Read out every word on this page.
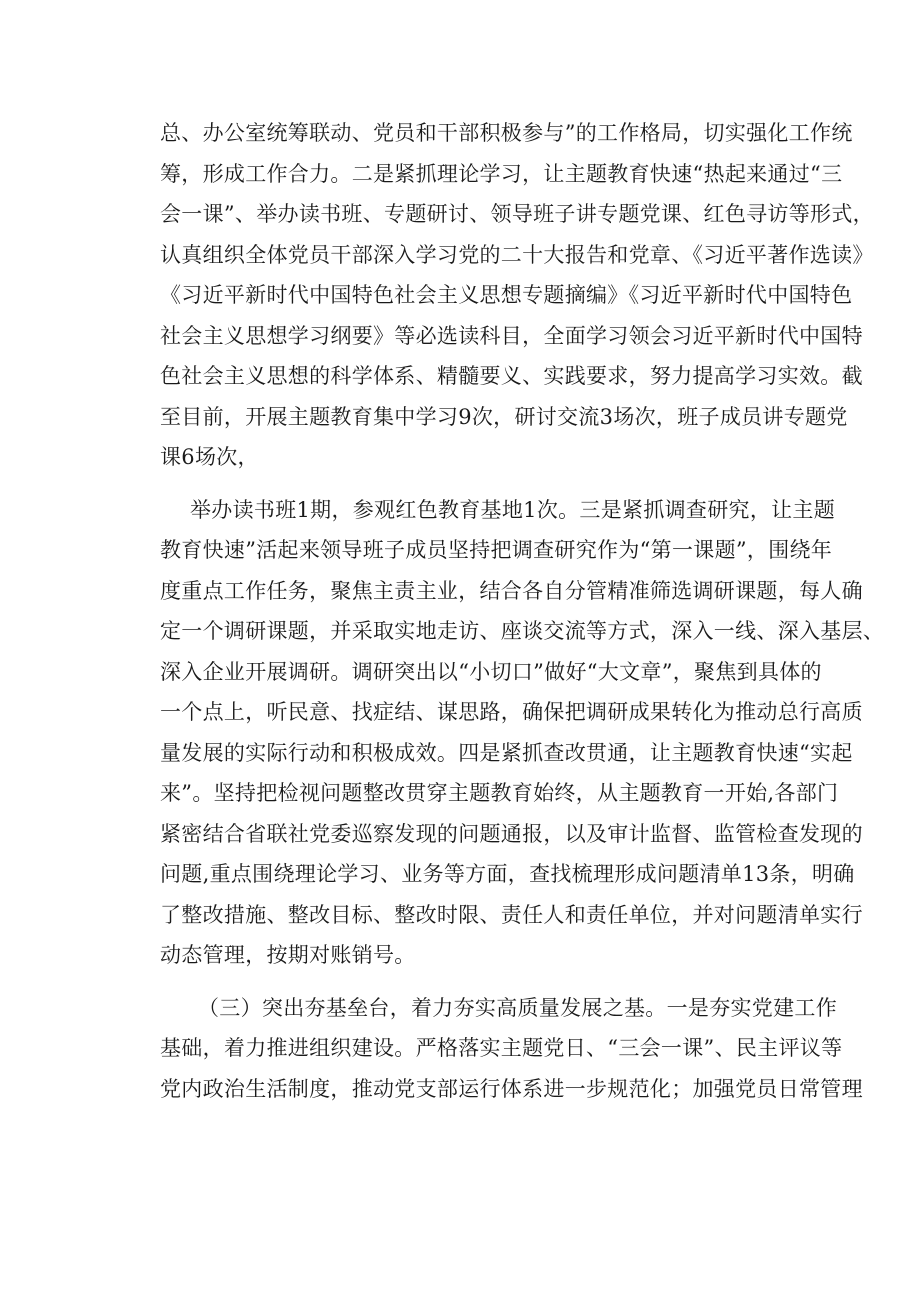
总、办公室统筹联动、党员和干部积极参与”的工作格局，切实强化工作统
筹，形成工作合力。二是紧抓理论学习，让主题教育快速“热起来通过“三
会一课”、举办读书班、专题研讨、领导班子讲专题党课、红色寻访等形式，
认真组织全体党员干部深入学习党的二十大报告和党章、《习近平著作选读》
《习近平新时代中国特色社会主义思想专题摘编》《习近平新时代中国特色
社会主义思想学习纲要》等必选读科目，全面学习领会习近平新时代中国特
色社会主义思想的科学体系、精髓要义、实践要求，努力提高学习实效。截
至目前，开展主题教育集中学习9次，研讨交流3场次，班子成员讲专题党
课6场次，
举办读书班1期，参观红色教育基地1次。三是紧抓调查研究，让主题
教育快速”活起来领导班子成员坚持把调查研究作为“第一课题”，围绕年
度重点工作任务，聚焦主责主业，结合各自分管精准筛选调研课题，每人确
定一个调研课题，并采取实地走访、座谈交流等方式，深入一线、深入基层、
深入企业开展调研。调研突出以“小切口”做好“大文章”，聚焦到具体的
一个点上，听民意、找症结、谋思路，确保把调研成果转化为推动总行高质
量发展的实际行动和积极成效。四是紧抓查改贯通，让主题教育快速“实起
来”。坚持把检视问题整改贯穿主题教育始终，从主题教育一开始,各部门
紧密结合省联社党委巡察发现的问题通报，以及审计监督、监管检查发现的
问题,重点围绕理论学习、业务等方面，查找梳理形成问题清单13条，明确
了整改措施、整改目标、整改时限、责任人和责任单位，并对问题清单实行
动态管理，按期对账销号。
（三）突出夯基垒台，着力夯实高质量发展之基。一是夯实党建工作
基础，着力推进组织建设。严格落实主题党日、“三会一课”、民主评议等
党内政治生活制度，推动党支部运行体系进一步规范化；加强党员日常管理
